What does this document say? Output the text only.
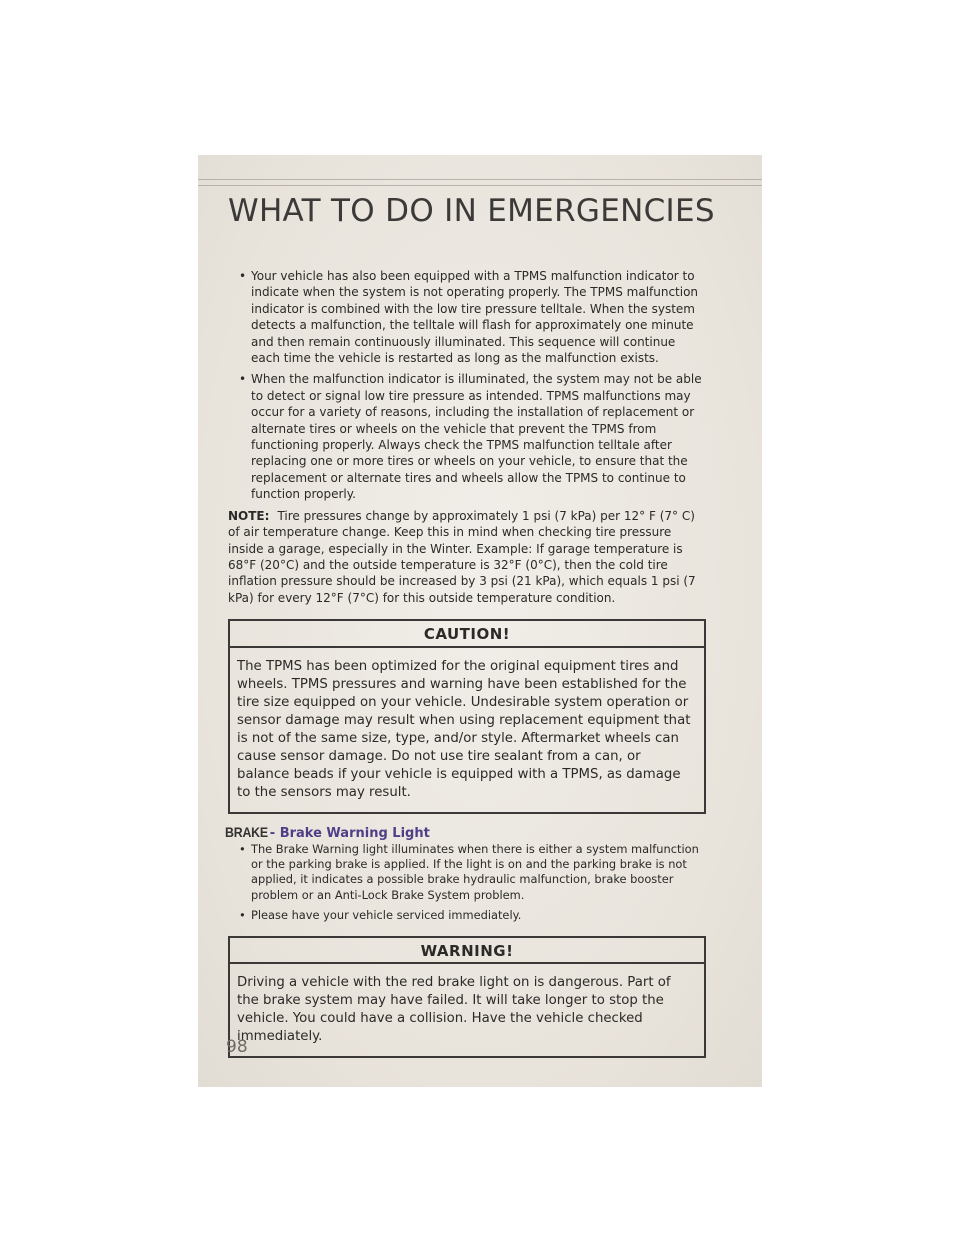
WHAT TO DO IN EMERGENCIES
• Your vehicle has also been equipped with a TPMS malfunction indicator to indicate when the system is not operating properly. The TPMS malfunction indicator is combined with the low tire pressure telltale. When the system detects a malfunction, the telltale will flash for approximately one minute and then remain continuously illuminated. This sequence will continue each time the vehicle is restarted as long as the malfunction exists.
• When the malfunction indicator is illuminated, the system may not be able to detect or signal low tire pressure as intended. TPMS malfunctions may occur for a variety of reasons, including the installation of replacement or alternate tires or wheels on the vehicle that prevent the TPMS from functioning properly. Always check the TPMS malfunction telltale after replacing one or more tires or wheels on your vehicle, to ensure that the replacement or alternate tires and wheels allow the TPMS to continue to function properly.
NOTE: Tire pressures change by approximately 1 psi (7 kPa) per 12° F (7° C) of air temperature change. Keep this in mind when checking tire pressure inside a garage, especially in the Winter. Example: If garage temperature is 68°F (20°C) and the outside temperature is 32°F (0°C), then the cold tire inflation pressure should be increased by 3 psi (21 kPa), which equals 1 psi (7 kPa) for every 12°F (7°C) for this outside temperature condition.
CAUTION!
The TPMS has been optimized for the original equipment tires and wheels. TPMS pressures and warning have been established for the tire size equipped on your vehicle. Undesirable system operation or sensor damage may result when using replacement equipment that is not of the same size, type, and/or style. Aftermarket wheels can cause sensor damage. Do not use tire sealant from a can, or balance beads if your vehicle is equipped with a TPMS, as damage to the sensors may result.
BRAKE - Brake Warning Light
• The Brake Warning light illuminates when there is either a system malfunction or the parking brake is applied. If the light is on and the parking brake is not applied, it indicates a possible brake hydraulic malfunction, brake booster problem or an Anti-Lock Brake System problem.
• Please have your vehicle serviced immediately.
WARNING!
Driving a vehicle with the red brake light on is dangerous. Part of the brake system may have failed. It will take longer to stop the vehicle. You could have a collision. Have the vehicle checked immediately.
98
